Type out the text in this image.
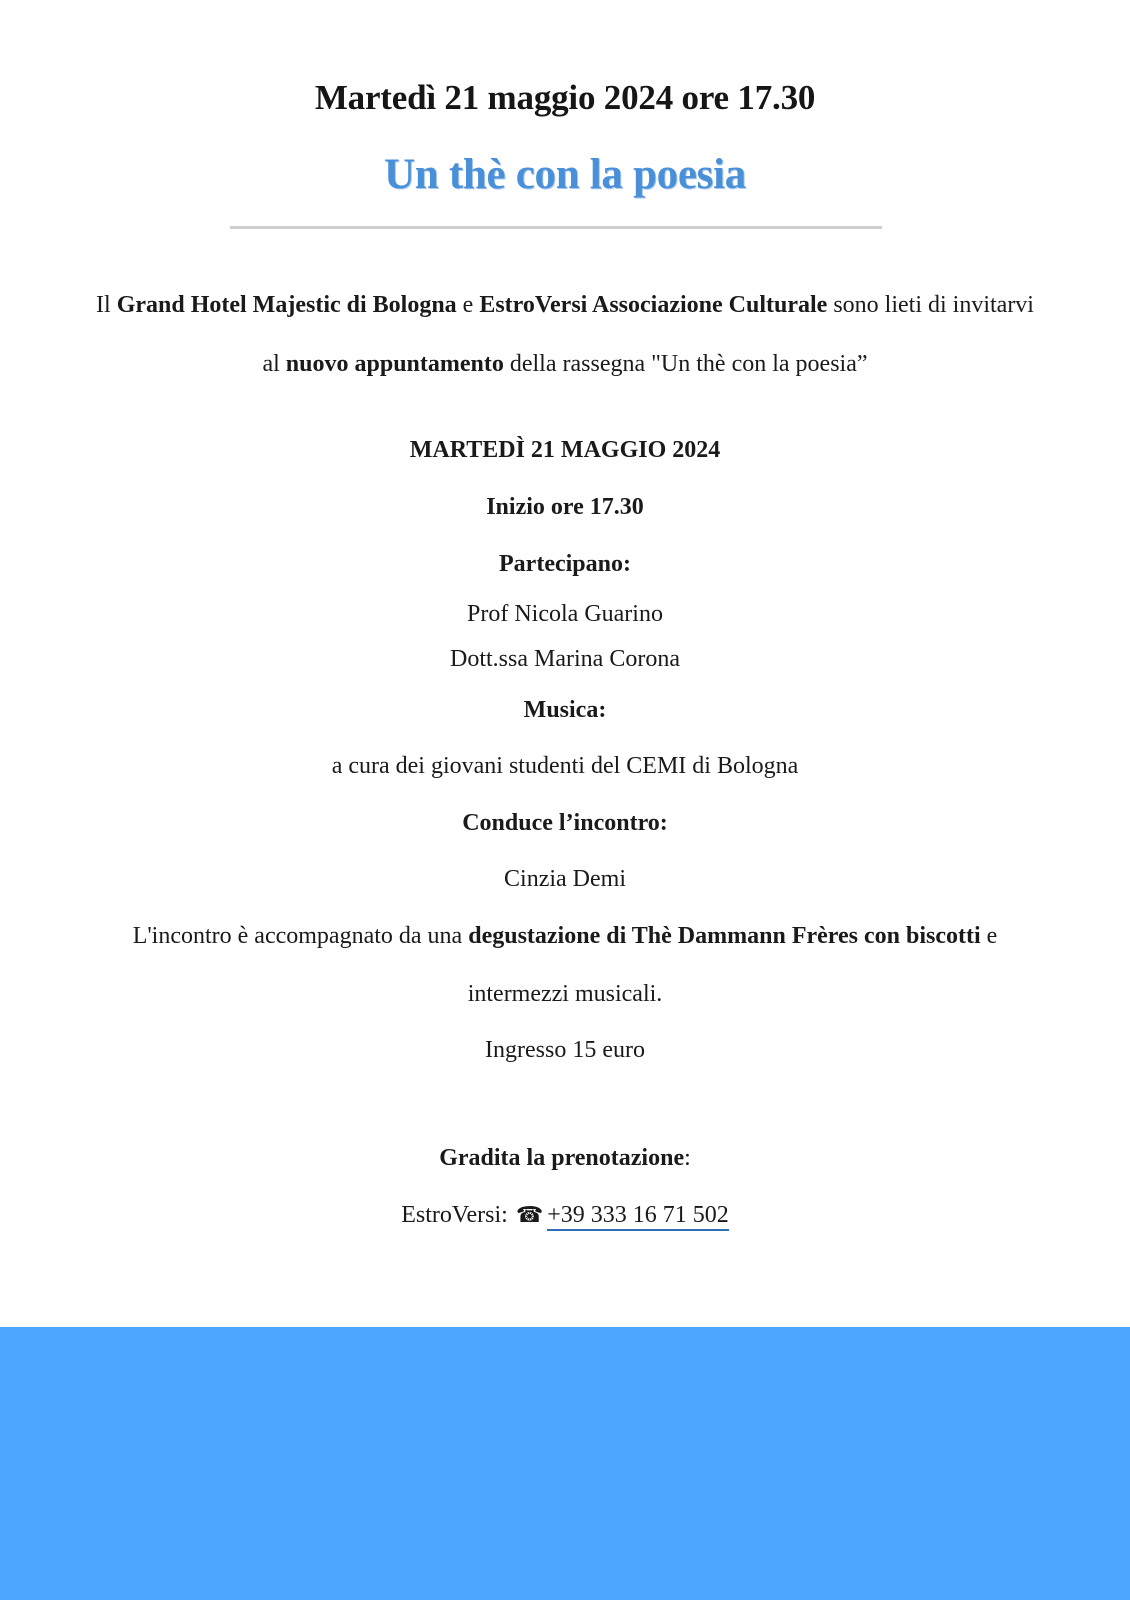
Martedì 21 maggio 2024 ore 17.30
Un thè con la poesia
Il Grand Hotel Majestic di Bologna e EstroVersi Associazione Culturale sono lieti di invitarvi
al nuovo appuntamento della rassegna "Un thè con la poesia”
MARTEDÌ 21 MAGGIO 2024
Inizio ore 17.30
Partecipano:
Prof Nicola Guarino
Dott.ssa Marina Corona
Musica:
a cura dei giovani studenti del CEMI di Bologna
Conduce l’incontro:
Cinzia Demi
L'incontro è accompagnato da una degustazione di Thè Dammann Frères con biscotti e
intermezzi musicali.
Ingresso 15 euro
Gradita la prenotazione:
EstroVersi: ☎ +39 333 16 71 502
